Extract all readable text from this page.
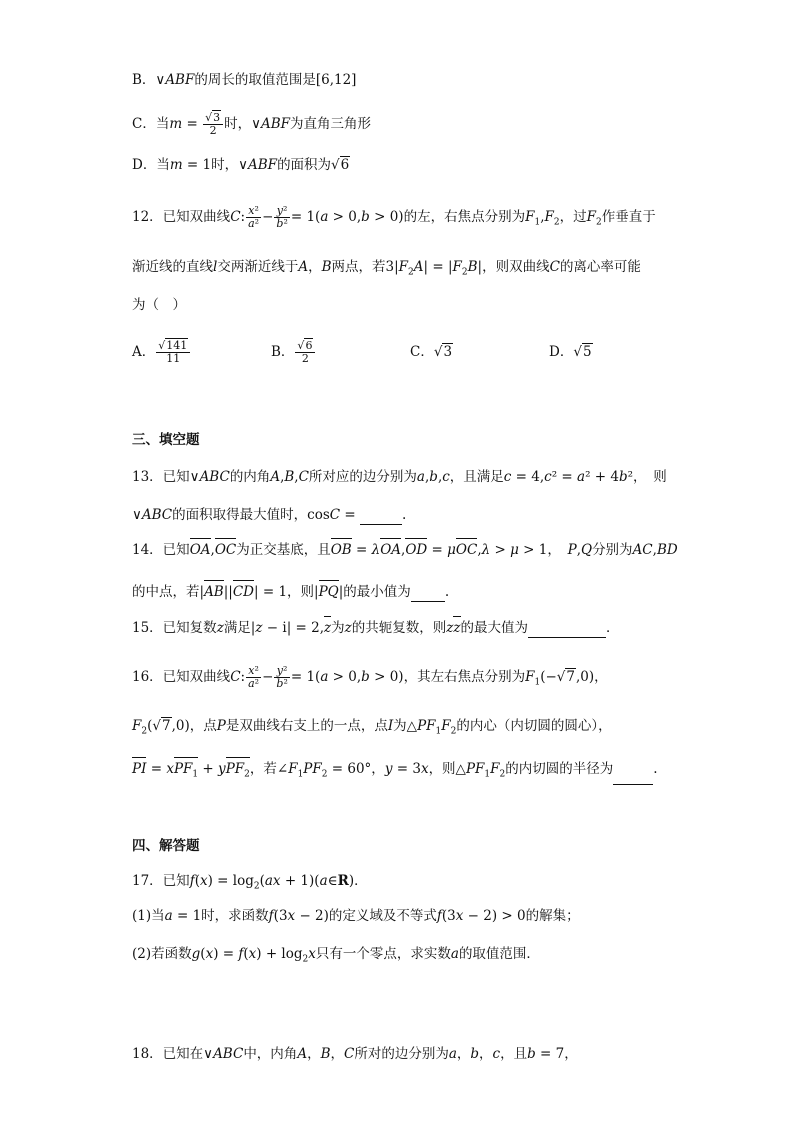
B．∨ABF的周长的取值范围是[6,12]
C．当$m = \frac{√3}{2}$ 时，∨ABF为直角三角形
D．当m = 1时，∨ABF的面积为√6
12．已知双曲线C: $\frac{\text{x²}}{\text{a²}} - \frac{\text{y²}}{\text{b²}} = 1(a > 0,b > 0)$的左，右焦点分别为$F_1,F_2$，过$F_2$作垂直于
渐近线的直线l交两渐近线于A，B两点，若$3|F_2A| = |F_2B|$，则双曲线C的离心率可能
为（　）
A． $\frac{√141}{11}$	B． $\frac{√6}{2}$	C．√3	D．√5
三、填空题
13．已知∨ABC的内角A,B,C所对应的边分别为a,b,c，且满足c = 4,c² = a² + 4b²，　则
∨ABC的面积取得最大值时，cosC =	.
14．已知OA,OC为正交基底，且OB = λOA,OD = μOC,λ > μ > 1，　P,Q分别为AC,BD
的中点，若|AB||CD| = 1，则|PQ|的最小值为	.
15．已知复数z满足|z − i| = 2,z为z的共轭复数，则zz的最大值为	．
16．已知双曲线C: $\frac{\text{x²}}{\text{a²}} - \frac{\text{y²}}{\text{b²}} = 1(a > 0,b > 0)$，其左右焦点分别为$F_1(-√7,0)$，
$F_2(√7,0)$，点P是双曲线右支上的一点，点I为$\triangle PF_1F_2$的内心（内切圆的圆心），
PI = xPF$_1$ + yPF$_2$，若$\angle F_1PF_2 = 60^\circ$，y = 3x，则$\triangle PF_1F_2$的内切圆的半径为	.
四、解答题
17．已知$f(x) = \log_2(ax$ + 1)(a∈R)．
(1)当a = 1时，求函数f(3x − 2)的定义域及不等式f(3x − 2) > 0的解集；
(2)若函数$g(x) = f(x) + \log_2x$只有一个零点，求实数a的取值范围．
18．已知在∨ABC中，内角A，B，C所对的边分别为a，b，c，且b = 7，
